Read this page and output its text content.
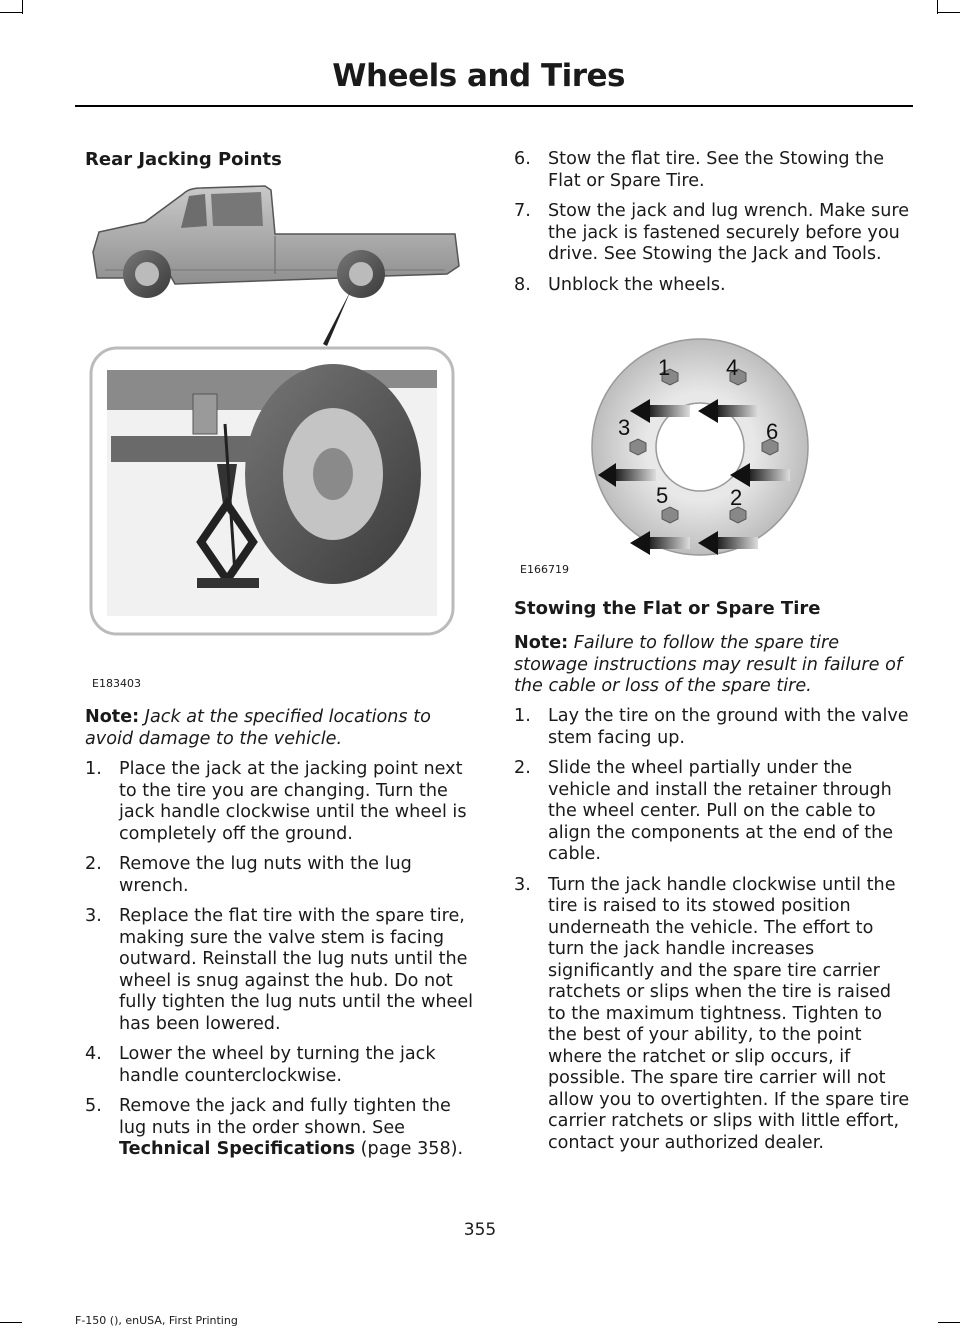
Wheels and Tires
Rear Jacking Points
E183403

Note: Jack at the specified locations to avoid damage to the vehicle.

1. Place the jack at the jacking point next to the tire you are changing. Turn the jack handle clockwise until the wheel is completely off the ground.
2. Remove the lug nuts with the lug wrench.
3. Replace the flat tire with the spare tire, making sure the valve stem is facing outward. Reinstall the lug nuts until the wheel is snug against the hub. Do not fully tighten the lug nuts until the wheel has been lowered.
4. Lower the wheel by turning the jack handle counterclockwise.
5. Remove the jack and fully tighten the lug nuts in the order shown. See Technical Specifications (page 358).
6. Stow the flat tire. See the Stowing the Flat or Spare Tire.
7. Stow the jack and lug wrench. Make sure the jack is fastened securely before you drive. See Stowing the Jack and Tools.
8. Unblock the wheels.
1	4
3	6
5	2
E166719
Stowing the Flat or Spare Tire

Note: Failure to follow the spare tire stowage instructions may result in failure of the cable or loss of the spare tire.

1. Lay the tire on the ground with the valve stem facing up.
2. Slide the wheel partially under the vehicle and install the retainer through the wheel center. Pull on the cable to align the components at the end of the cable.
3. Turn the jack handle clockwise until the tire is raised to its stowed position underneath the vehicle. The effort to turn the jack handle increases significantly and the spare tire carrier ratchets or slips when the tire is raised to the maximum tightness. Tighten to the best of your ability, to the point where the ratchet or slip occurs, if possible. The spare tire carrier will not allow you to overtighten. If the spare tire carrier ratchets or slips with little effort, contact your authorized dealer.
355
F-150 (), enUSA, First Printing
